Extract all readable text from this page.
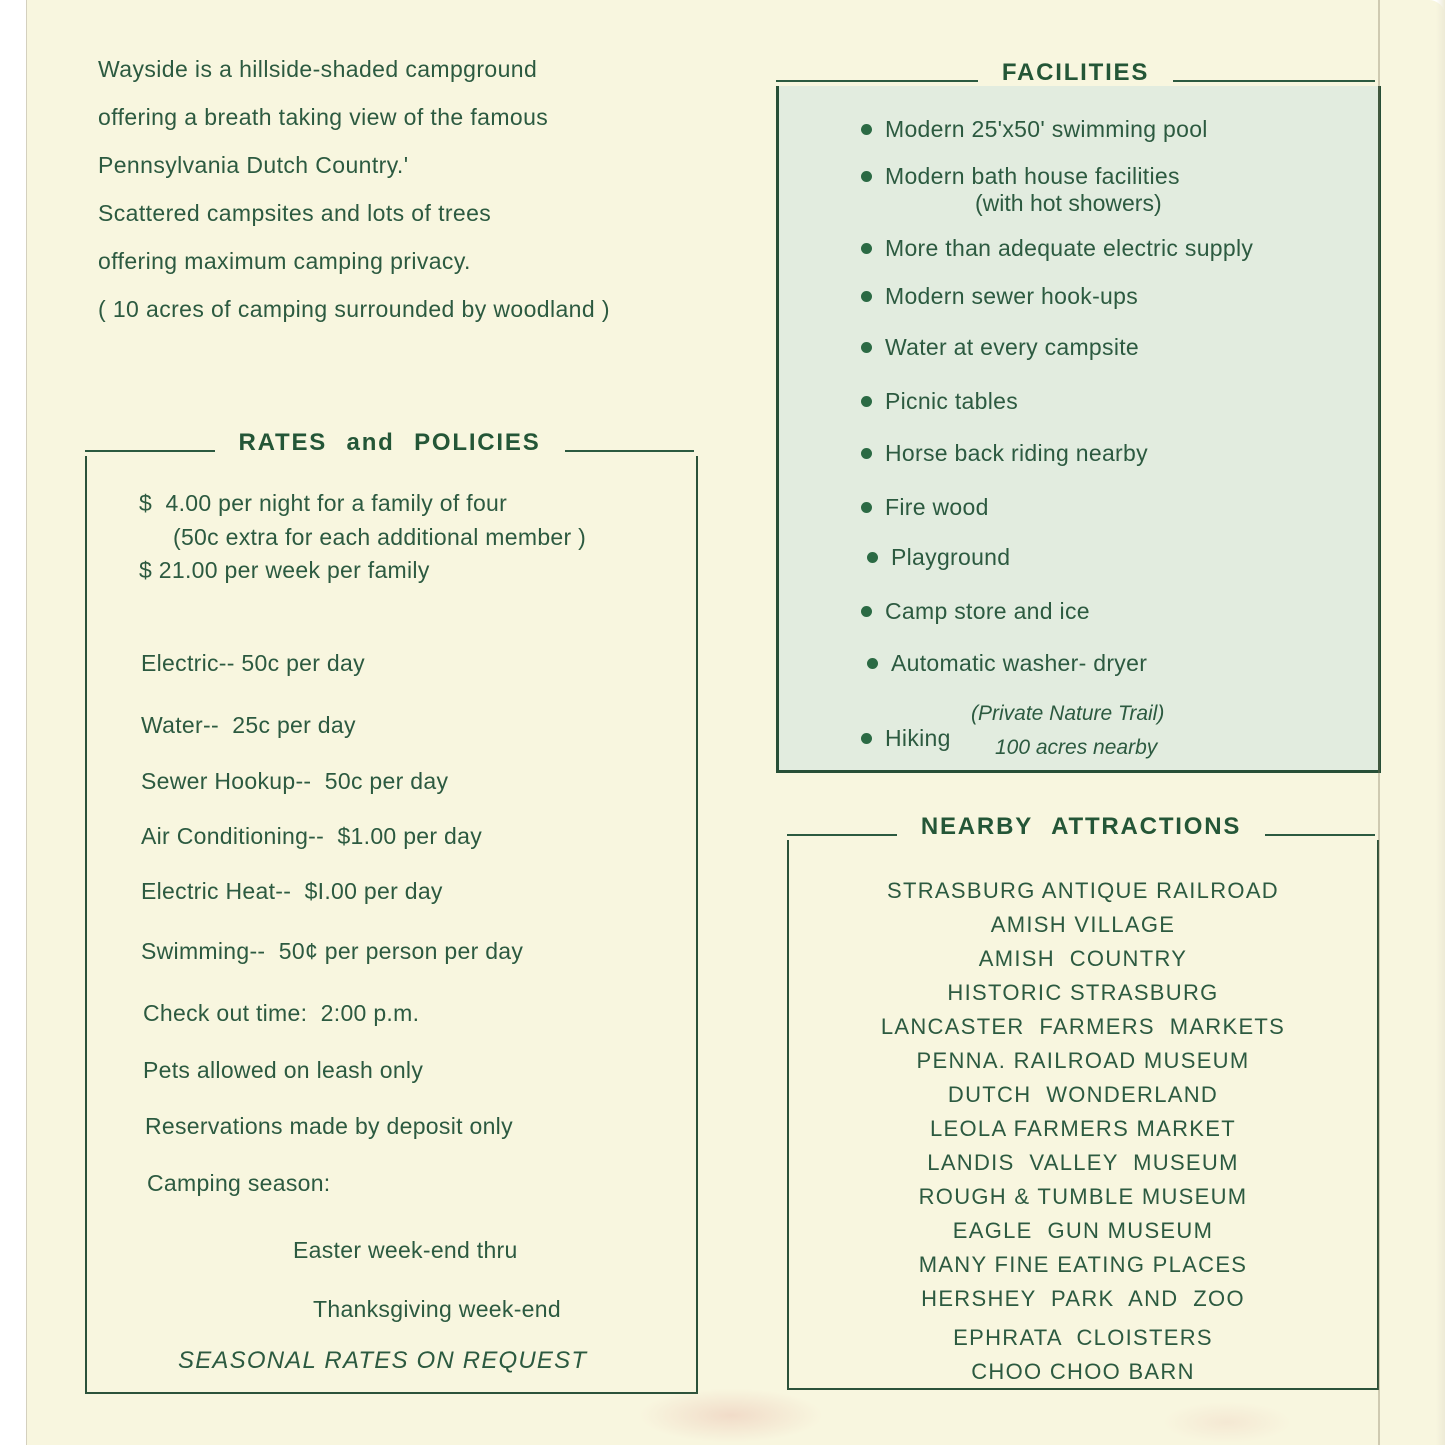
Wayside is a hillside-shaded campground
offering a breath taking view of the famous
Pennsylvania Dutch Country.'
Scattered campsites and lots of trees
offering maximum camping privacy.
( 10 acres of camping surrounded by woodland )
RATES and POLICIES
$  4.00 per night for a family of four
(50c extra for each additional member )
$ 21.00 per week per family
Electric-- 50c per day
Water--  25c per day
Sewer Hookup--  50c per day
Air Conditioning--  $1.00 per day
Electric Heat--  $I.00 per day
Swimming--  50¢ per person per day
Check out time:  2:00 p.m.
Pets allowed on leash only
Reservations made by deposit only
Camping season:
Easter week-end thru
Thanksgiving week-end
SEASONAL RATES ON REQUEST
FACILITIES
Modern 25'x50' swimming pool
Modern bath house facilities
(with hot showers)
More than adequate electric supply
Modern sewer hook-ups
Water at every campsite
Picnic tables
Horse back riding nearby
Fire wood
Playground
Camp store and ice
Automatic washer- dryer
Hiking
(Private Nature Trail)
100 acres nearby
NEARBY ATTRACTIONS
STRASBURG ANTIQUE RAILROAD
AMISH VILLAGE
AMISH  COUNTRY
HISTORIC STRASBURG
LANCASTER  FARMERS  MARKETS
PENNA. RAILROAD MUSEUM
DUTCH  WONDERLAND
LEOLA FARMERS MARKET
LANDIS  VALLEY  MUSEUM
ROUGH & TUMBLE MUSEUM
EAGLE  GUN MUSEUM
MANY FINE EATING PLACES
HERSHEY  PARK  AND  ZOO
EPHRATA  CLOISTERS
CHOO CHOO BARN
